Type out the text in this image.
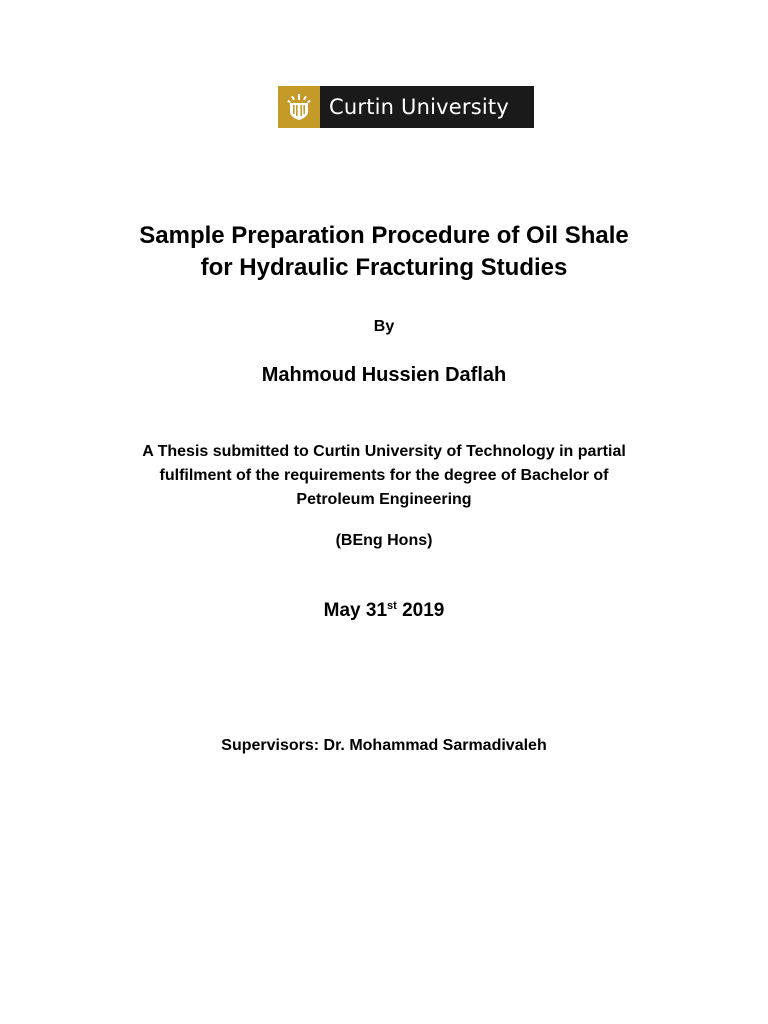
Curtin University
Sample Preparation Procedure of Oil Shale
for Hydraulic Fracturing Studies
By
Mahmoud Hussien Daflah
A Thesis submitted to Curtin University of Technology in partial
fulfilment of the requirements for the degree of Bachelor of
Petroleum Engineering
(BEng Hons)
May 31st 2019
Supervisors: Dr. Mohammad Sarmadivaleh
